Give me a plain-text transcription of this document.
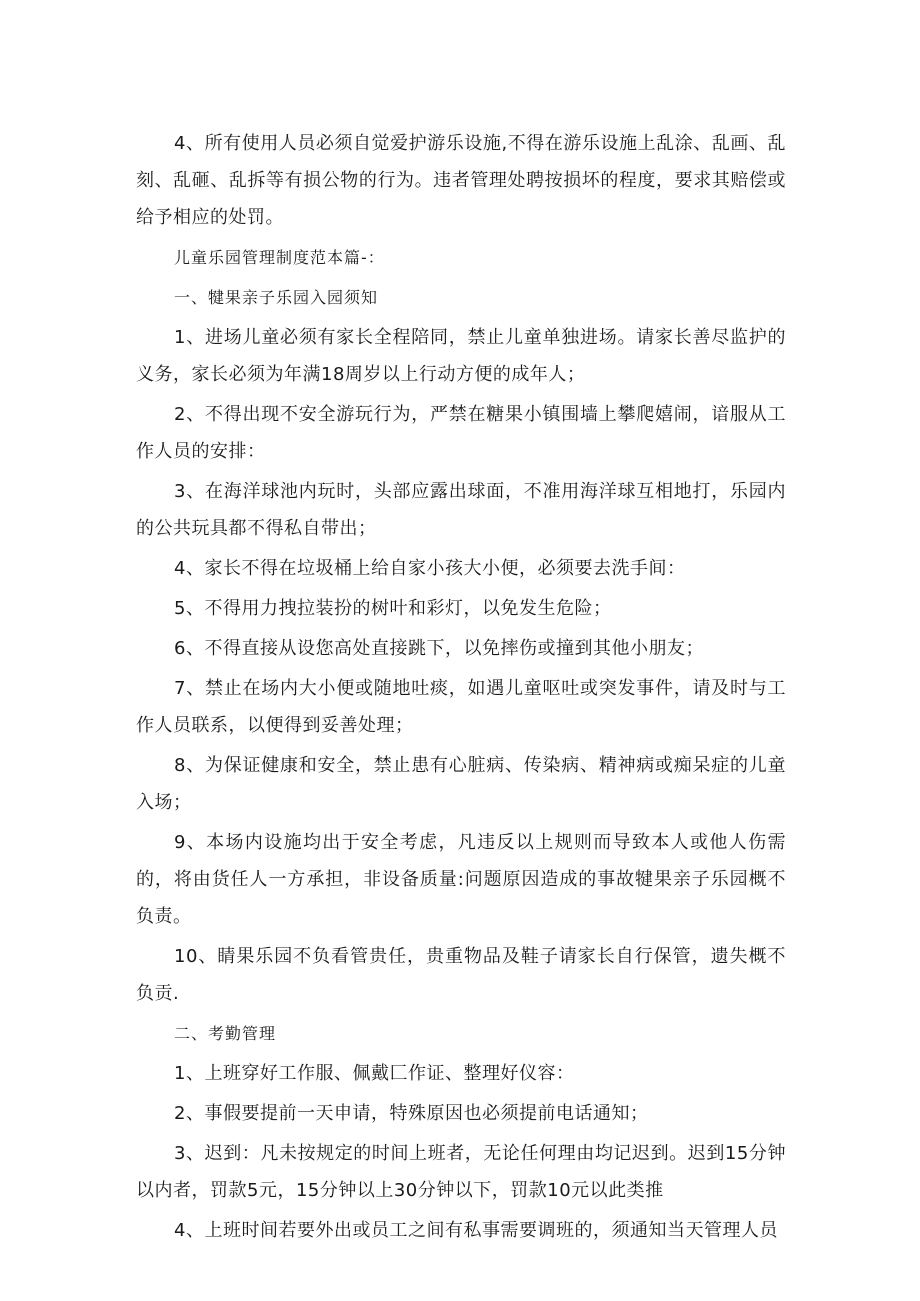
4、所有使用人员必须自觉爱护游乐设施,不得在游乐设施上乱涂、乱画、乱刻、乱砸、乱拆等有损公物的行为。违者管理处聘按损坏的程度，要求其赔偿或给予相应的处罚。

儿童乐园管理制度范本篇-：

一、犍果亲子乐园入园须知

1、进场儿童必须有家长全程陪同，禁止儿童单独进场。请家长善尽监护的义务，家长必须为年满18周岁以上行动方便的成年人；

2、不得出现不安全游玩行为，严禁在糖果小镇围墙上攀爬嬉闹，谙服从工作人员的安排：

3、在海洋球池内玩时，头部应露出球面，不准用海洋球互相地打，乐园内的公共玩具都不得私自带出；

4、家长不得在垃圾桶上给自家小孩大小便，必须要去洗手间：

5、不得用力拽拉装扮的树叶和彩灯，以免发生危险；

6、不得直接从设您高处直接跳下，以免摔伤或撞到其他小朋友；

7、禁止在场内大小便或随地吐痰，如遇儿童呕吐或突发事件，请及时与工作人员联系，以便得到妥善处理；

8、为保证健康和安全，禁止患有心脏病、传染病、精神病或痴呆症的儿童入场；

9、本场内设施均出于安全考虑，凡违反以上规则而导致本人或他人伤需的，将由货任人一方承担，非设备质量:问题原因造成的事故犍果亲子乐园概不负责。

10、睛果乐园不负看管贵任，贵重物品及鞋子请家长自行保管，遗失概不负贡.

二、考勤管理

1、上班穿好工作服、佩戴匚作证、整理好仪容：

2、事假要提前一天申请，特殊原因也必须提前电话通知；

3、迟到：凡未按规定的时间上班者，无论任何理由均记迟到。迟到15分钟以内者，罚款5元，15分钟以上30分钟以下，罚款10元以此类推

4、上班时间若要外出或员工之间有私事需要调班的，须通知当天管理人员
